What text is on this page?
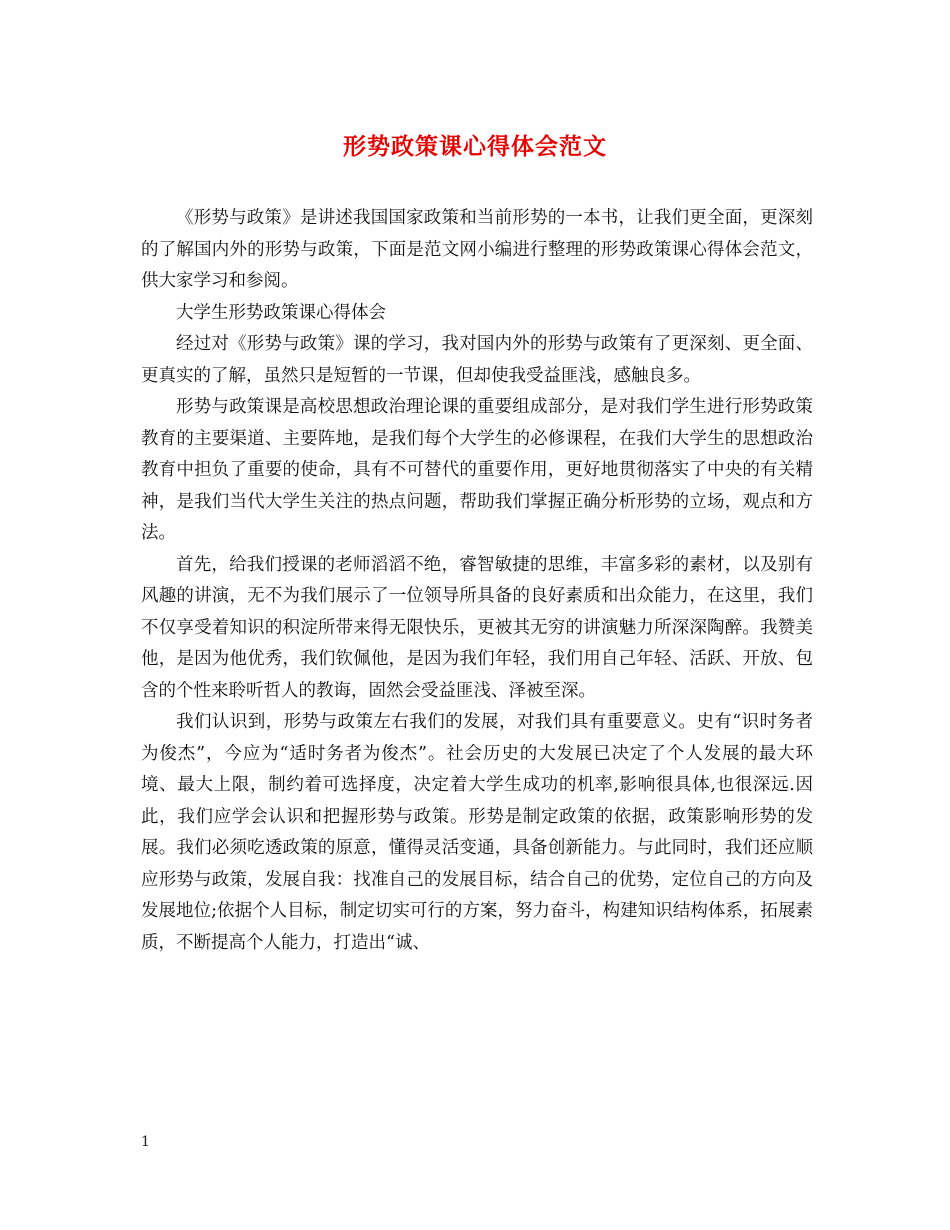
形势政策课心得体会范文

《形势与政策》是讲述我国国家政策和当前形势的一本书，让我们更全面，更深刻的了解国内外的形势与政策，下面是范文网小编进行整理的形势政策课心得体会范文，供大家学习和参阅。

大学生形势政策课心得体会

经过对《形势与政策》课的学习，我对国内外的形势与政策有了更深刻、更全面、更真实的了解，虽然只是短暂的一节课，但却使我受益匪浅，感触良多。

形势与政策课是高校思想政治理论课的重要组成部分，是对我们学生进行形势政策教育的主要渠道、主要阵地，是我们每个大学生的必修课程，在我们大学生的思想政治教育中担负了重要的使命，具有不可替代的重要作用，更好地贯彻落实了中央的有关精神，是我们当代大学生关注的热点问题，帮助我们掌握正确分析形势的立场，观点和方法。

首先，给我们授课的老师滔滔不绝，睿智敏捷的思维，丰富多彩的素材，以及别有风趣的讲演，无不为我们展示了一位领导所具备的良好素质和出众能力，在这里，我们不仅享受着知识的积淀所带来得无限快乐，更被其无穷的讲演魅力所深深陶醉。我赞美他，是因为他优秀，我们钦佩他，是因为我们年轻，我们用自己年轻、活跃、开放、包含的个性来聆听哲人的教诲，固然会受益匪浅、泽被至深。

我们认识到，形势与政策左右我们的发展，对我们具有重要意义。史有“识时务者为俊杰”，今应为“适时务者为俊杰”。社会历史的大发展已决定了个人发展的最大环境、最大上限，制约着可选择度，决定着大学生成功的机率,影响很具体,也很深远.因此，我们应学会认识和把握形势与政策。形势是制定政策的依据，政策影响形势的发展。我们必须吃透政策的原意，懂得灵活变通，具备创新能力。与此同时，我们还应顺应形势与政策，发展自我：找准自己的发展目标，结合自己的优势，定位自己的方向及发展地位;依据个人目标，制定切实可行的方案，努力奋斗，构建知识结构体系，拓展素质，不断提高个人能力，打造出“诚、

1
